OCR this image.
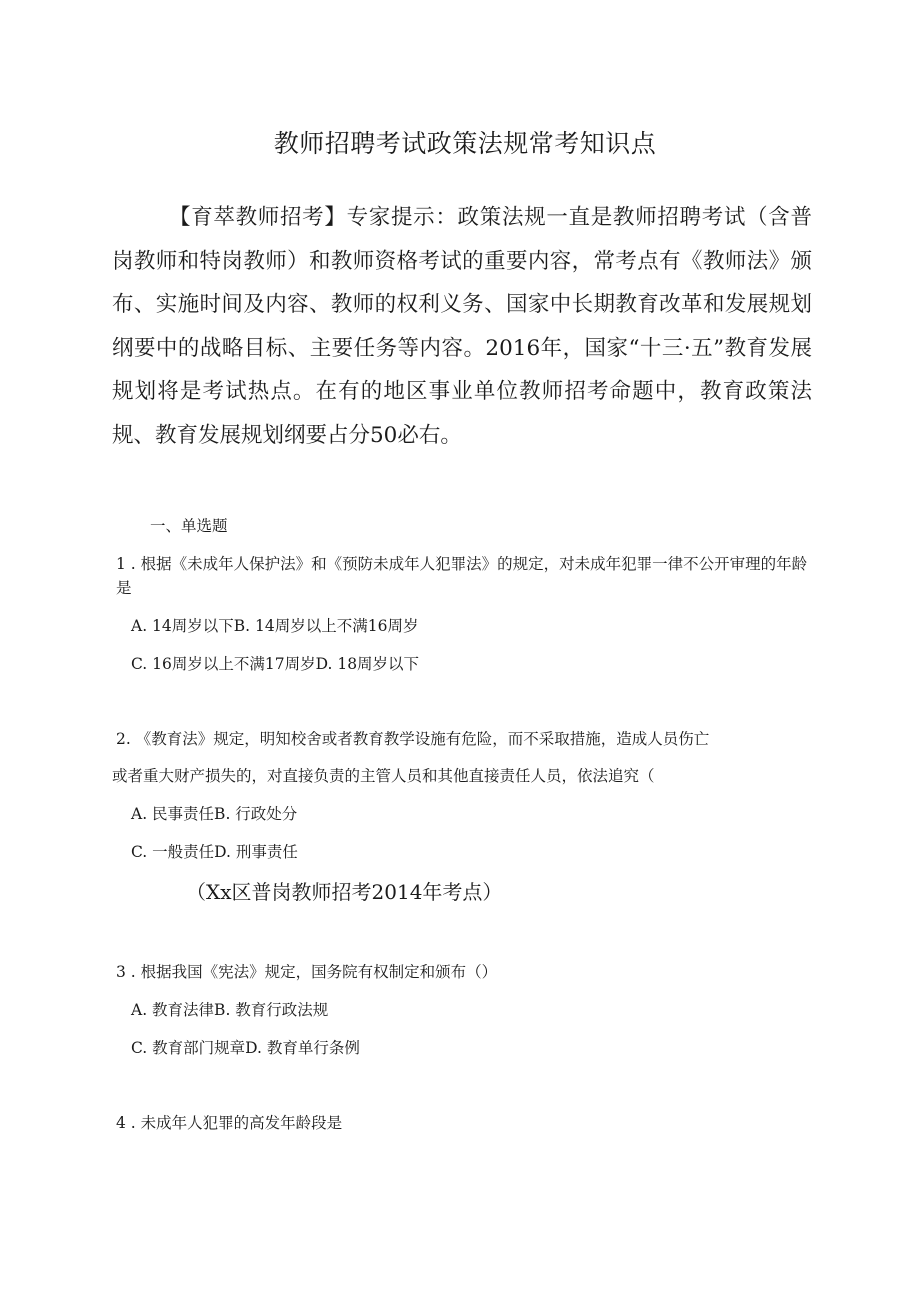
教师招聘考试政策法规常考知识点

【育萃教师招考】专家提示：政策法规一直是教师招聘考试（含普岗教师和特岗教师）和教师资格考试的重要内容，常考点有《教师法》颁布、实施时间及内容、教师的权利义务、国家中长期教育改革和发展规划纲要中的战略目标、主要任务等内容。2016年，国家“十三·五”教育发展规划将是考试热点。在有的地区事业单位教师招考命题中，教育政策法规、教育发展规划纲要占分50必右。

一、单选题

1 . 根据《未成年人保护法》和《预防未成年人犯罪法》的规定，对未成年犯罪一律不公开审理的年龄是

A. 14周岁以下B. 14周岁以上不满16周岁
C. 16周岁以上不满17周岁D. 18周岁以下
2. 《教育法》规定，明知校舍或者教育教学设施有危险，而不采取措施，造成人员伤亡
或者重大财产损失的，对直接负责的主管人员和其他直接责任人员，依法追究（
A. 民事责任B. 行政处分
C. 一般责任D. 刑事责任
（Xx区普岗教师招考2014年考点）
3 . 根据我国《宪法》规定，国务院有权制定和颁布（）
A. 教育法律B. 教育行政法规
C. 教育部门规章D. 教育单行条例
4 . 未成年人犯罪的高发年龄段是
